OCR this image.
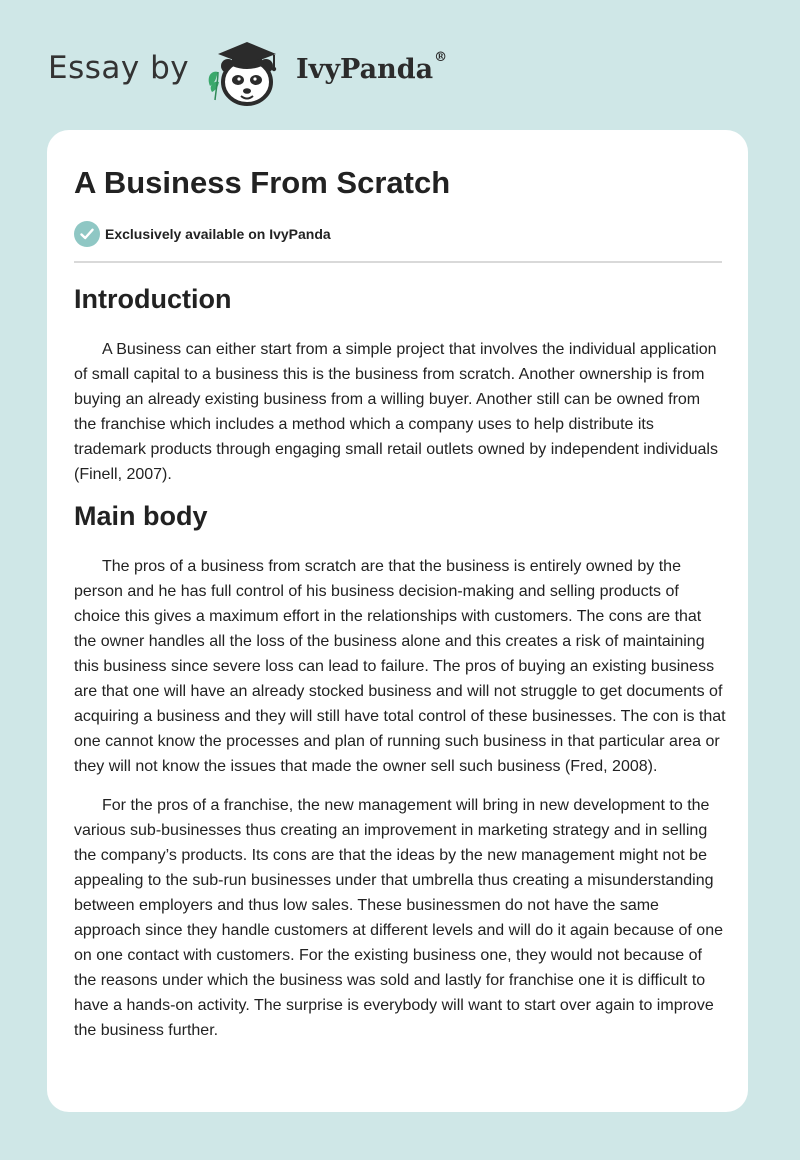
Essay by	IvyPanda®
A Business From Scratch
Exclusively available on IvyPanda
Introduction

A Business can either start from a simple project that involves the individual application of small capital to a business this is the business from scratch. Another ownership is from buying an already existing business from a willing buyer. Another still can be owned from the franchise which includes a method which a company uses to help distribute its trademark products through engaging small retail outlets owned by independent individuals (Finell, 2007).

Main body

The pros of a business from scratch are that the business is entirely owned by the person and he has full control of his business decision-making and selling products of choice this gives a maximum effort in the relationships with customers. The cons are that the owner handles all the loss of the business alone and this creates a risk of maintaining this business since severe loss can lead to failure. The pros of buying an existing business are that one will have an already stocked business and will not struggle to get documents of acquiring a business and they will still have total control of these businesses. The con is that one cannot know the processes and plan of running such business in that particular area or they will not know the issues that made the owner sell such business (Fred, 2008).

For the pros of a franchise, the new management will bring in new development to the various sub-businesses thus creating an improvement in marketing strategy and in selling the company’s products. Its cons are that the ideas by the new management might not be appealing to the sub-run businesses under that umbrella thus creating a misunderstanding between employers and thus low sales. These businessmen do not have the same approach since they handle customers at different levels and will do it again because of one on one contact with customers. For the existing business one, they would not because of the reasons under which the business was sold and lastly for franchise one it is difficult to have a hands-on activity. The surprise is everybody will want to start over again to improve the business further.
